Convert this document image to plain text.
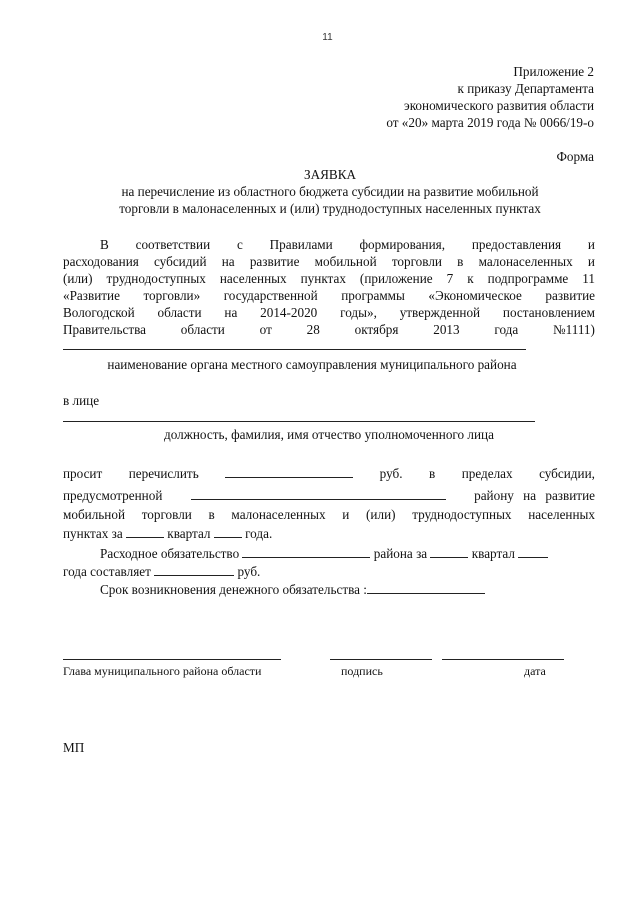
11
Приложение 2
к приказу Департамента
экономического развития области
от «20» марта 2019 года № 0066/19-о
Форма
ЗАЯВКА
на перечисление из областного бюджета субсидии на развитие мобильной
торговли в малонаселенных и (или) труднодоступных населенных пунктах
В соответствии с Правилами формирования, предоставления и
расходования субсидий на развитие мобильной торговли в малонаселенных и
(или) труднодоступных населенных пунктах (приложение 7 к подпрограмме 11
«Развитие торговли» государственной программы «Экономическое развитие
Вологодской области на 2014-2020 годы», утвержденной постановлением
Правительства	области	от	28	октября	2013	года	№1111)
наименование органа местного самоуправления муниципального района
в лице
должность, фамилия, имя отчество уполномоченного лица
просит перечислить	руб. в пределах субсидии,
предусмотренной	району на развитие
мобильной торговли в малонаселенных и (или) труднодоступных населенных
пунктах за	квартал	года.
Расходное обязательство	района за	квартал
года составляет	руб.
Срок возникновения денежного обязательства :
Глава муниципального района области	подпись	дата
МП
